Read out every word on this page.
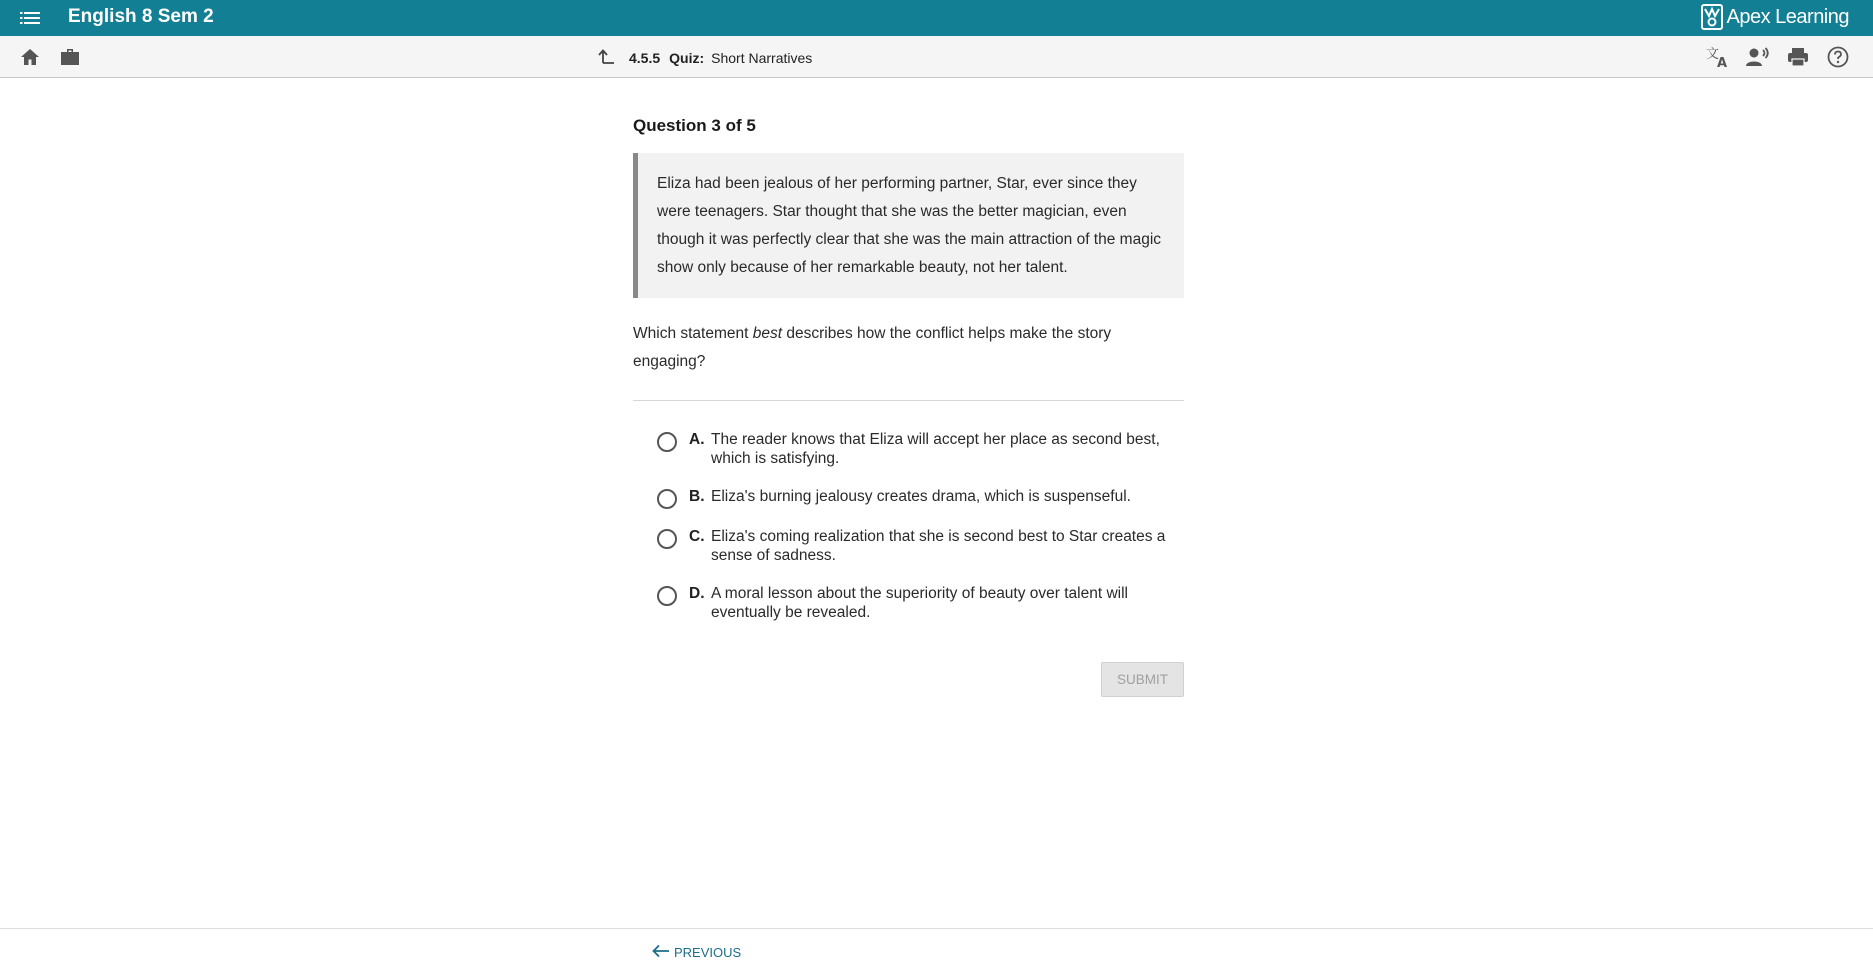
English 8 Sem 2	Apex Learning
4.5.5 Quiz: Short Narratives	文
A
Question 3 of 5
Eliza had been jealous of her performing partner, Star, ever since they were teenagers. Star thought that she was the better magician, even though it was perfectly clear that she was the main attraction of the magic show only because of her remarkable beauty, not her talent.
Which statement best describes how the conflict helps make the story engaging?
A. The reader knows that Eliza will accept her place as second best, which is satisfying.
B. Eliza's burning jealousy creates drama, which is suspenseful.
C. Eliza's coming realization that she is second best to Star creates a sense of sadness.
D. A moral lesson about the superiority of beauty over talent will eventually be revealed.
SUBMIT
PREVIOUS
